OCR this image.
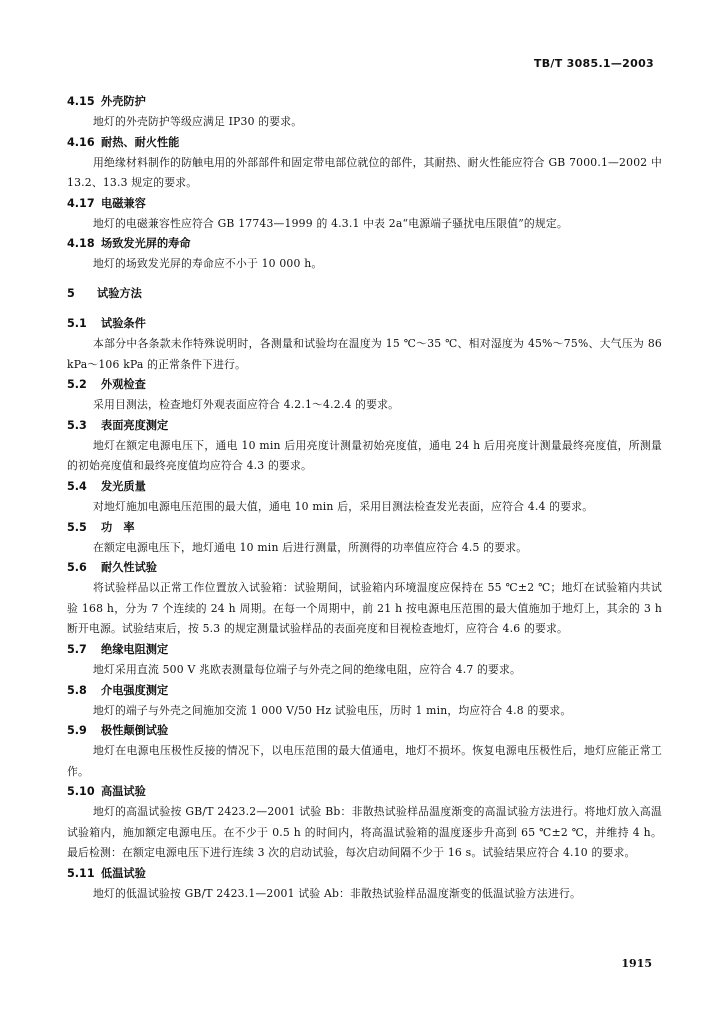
TB/T 3085.1—2003
4.15 外壳防护
地灯的外壳防护等级应满足 IP30 的要求。
4.16 耐热、耐火性能
用绝缘材料制作的防触电用的外部部件和固定带电部位就位的部件，其耐热、耐火性能应符合 GB 7000.1—2002 中 13.2、13.3 规定的要求。
4.17 电磁兼容
地灯的电磁兼容性应符合 GB 17743—1999 的 4.3.1 中表 2a“电源端子骚扰电压限值”的规定。
4.18 场致发光屏的寿命
地灯的场致发光屏的寿命应不小于 10 000 h。
5 试验方法
5.1 试验条件
本部分中各条款未作特殊说明时，各测量和试验均在温度为 15 ℃～35 ℃、相对湿度为 45%～75%、大气压为 86 kPa～106 kPa 的正常条件下进行。
5.2 外观检查
采用目测法，检查地灯外观表面应符合 4.2.1～4.2.4 的要求。
5.3 表面亮度测定
地灯在额定电源电压下，通电 10 min 后用亮度计测量初始亮度值，通电 24 h 后用亮度计测量最终亮度值，所测量的初始亮度值和最终亮度值均应符合 4.3 的要求。
5.4 发光质量
对地灯施加电源电压范围的最大值，通电 10 min 后，采用目测法检查发光表面，应符合 4.4 的要求。
5.5 功　率
在额定电源电压下，地灯通电 10 min 后进行测量，所测得的功率值应符合 4.5 的要求。
5.6 耐久性试验
将试验样品以正常工作位置放入试验箱：试验期间，试验箱内环境温度应保持在 55 ℃±2 ℃；地灯在试验箱内共试验 168 h，分为 7 个连续的 24 h 周期。在每一个周期中，前 21 h 按电源电压范围的最大值施加于地灯上，其余的 3 h 断开电源。试验结束后，按 5.3 的规定测量试验样品的表面亮度和目视检查地灯，应符合 4.6 的要求。
5.7 绝缘电阻测定
地灯采用直流 500 V 兆欧表测量每位端子与外壳之间的绝缘电阻，应符合 4.7 的要求。
5.8 介电强度测定
地灯的端子与外壳之间施加交流 1 000 V/50 Hz 试验电压，历时 1 min，均应符合 4.8 的要求。
5.9 极性颠倒试验
地灯在电源电压极性反接的情况下，以电压范围的最大值通电，地灯不损坏。恢复电源电压极性后，地灯应能正常工作。
5.10 高温试验
地灯的高温试验按 GB/T 2423.2—2001 试验 Bb：非散热试验样品温度渐变的高温试验方法进行。将地灯放入高温试验箱内，施加额定电源电压。在不少于 0.5 h 的时间内，将高温试验箱的温度逐步升高到 65 ℃±2 ℃，并维持 4 h。最后检测：在额定电源电压下进行连续 3 次的启动试验，每次启动间隔不少于 16 s。试验结果应符合 4.10 的要求。
5.11 低温试验
地灯的低温试验按 GB/T 2423.1—2001 试验 Ab：非散热试验样品温度渐变的低温试验方法进行。
1915
